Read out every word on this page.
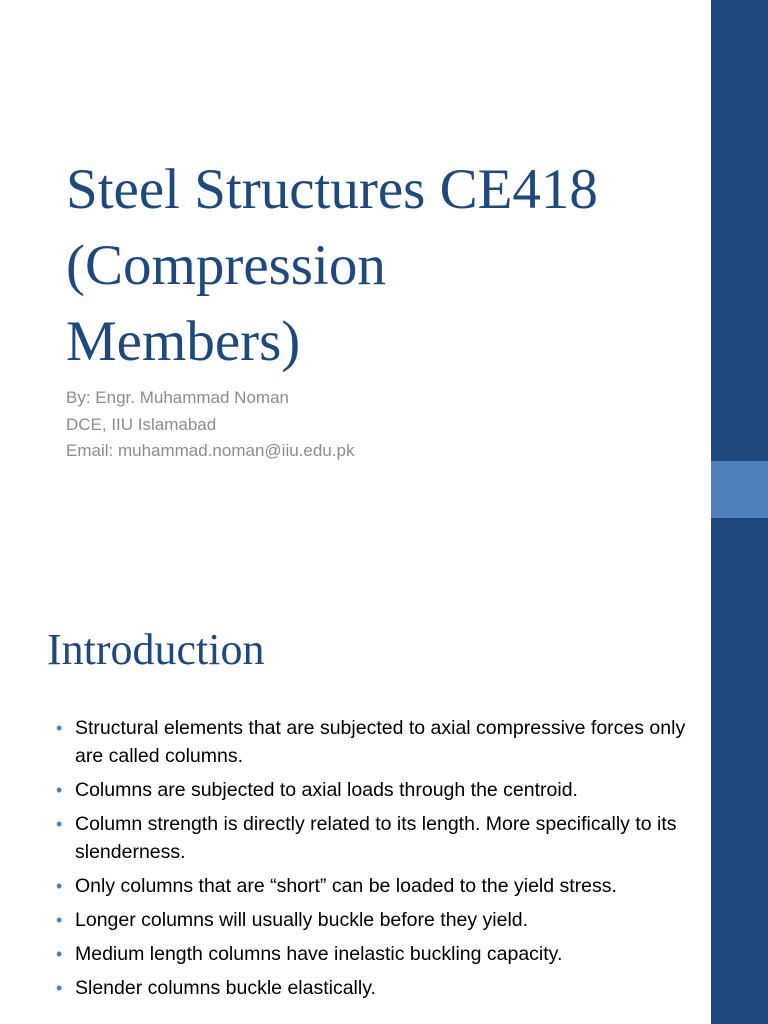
Steel Structures CE418
(Compression
Members)
By: Engr. Muhammad Noman
DCE, IIU Islamabad
Email: muhammad.noman@iiu.edu.pk
Introduction
• Structural elements that are subjected to axial compressive forces only are called columns.
• Columns are subjected to axial loads through the centroid.
• Column strength is directly related to its length. More specifically to its slenderness.
• Only columns that are “short” can be loaded to the yield stress.
• Longer columns will usually buckle before they yield.
• Medium length columns have inelastic buckling capacity.
• Slender columns buckle elastically.
